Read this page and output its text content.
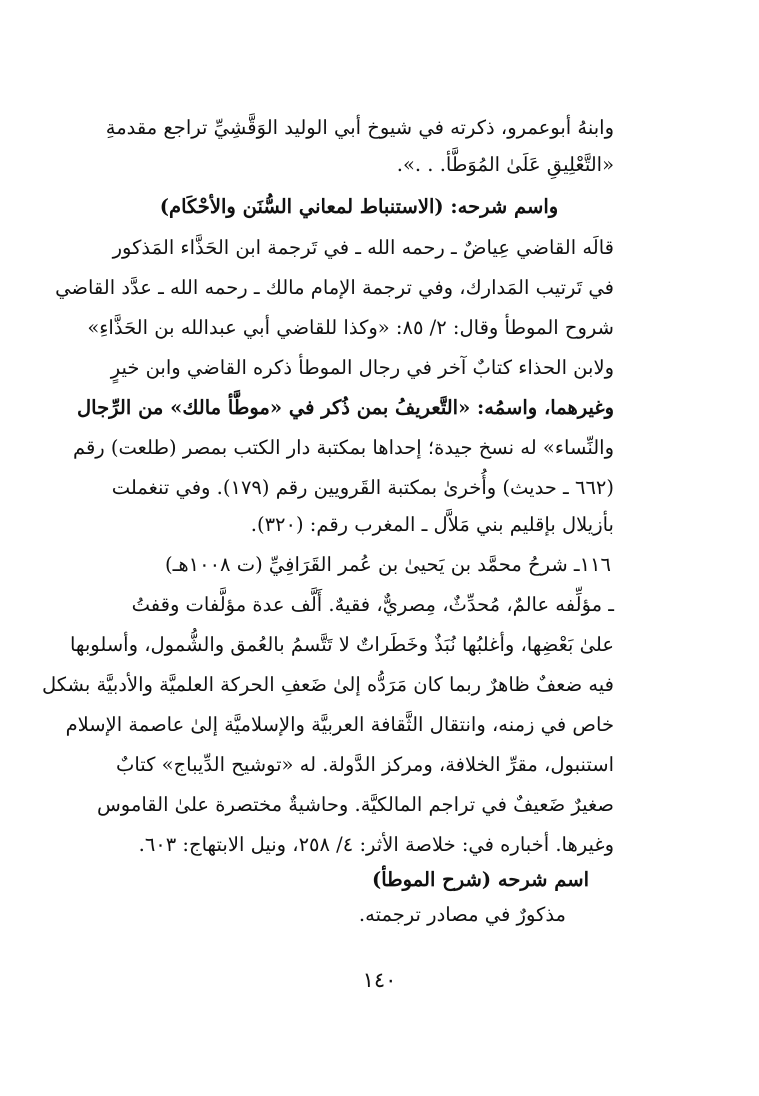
وابنهُ أبوعمرو، ذكرته في شيوخ أبي الوليد الوَقَّشِيِّ تراجع مقدمةِ
«التَّعْلِيقِ عَلَىٰ المُوَطَّأ. . .».
واسم شرحه: (الاستنباط لمعاني السُّنَن والأحْكَام)
قالَه القاضي عِياضٌ ـ رحمه الله ـ في تَرجمة ابن الحَذَّاء المَذكور
في تَرتيب المَدارك، وفي ترجمة الإمام مالك ـ رحمه الله ـ عدَّد القاضي
شروح الموطأ وقال: ٢/ ٨٥: «وكذا للقاضي أبي عبدالله بن الحَذَّاءِ»
ولابن الحذاء كتابٌ آخر في رجال الموطأ ذكره القاضي وابن خيرٍ
وغيرهما، واسمُه: «التَّعريفُ بمن ذُكر في «موطَّأ مالك» من الرِّجال
والنِّساء» له نسخ جيدة؛ إحداها بمكتبة دار الكتب بمصر (طلعت) رقم
(٦٦٢ ـ حديث) وأُخرىٰ بمكتبة القَرويين رقم (١٧٩). وفي تنغملت
بأزيلال بإقليم بني مَلاَّل ـ المغرب رقم: (٣٢٠).
١١٦ـ شرحُ محمَّد بن يَحيىٰ بن عُمر القَرَافِيِّ (ت ١٠٠٨هـ)
ـ مؤلِّفه عالمٌ، مُحدِّثٌ، مِصريٌّ، فقيهٌ. أَلَّف عدة مؤلَّفات وقفتُ
علىٰ بَعْضِها، وأغلبُها نُبَذٌ وخَطَراتٌ لا تَتَّسمُ بالعُمق والشُّمول، وأسلوبها
فيه ضعفٌ ظاهرٌ ربما كان مَرَدُّه إلىٰ ضَعفِ الحركة العلميَّة والأدبيَّة بشكل
خاص في زمنه، وانتقال الثَّقافة العربيَّة والإسلاميَّة إلىٰ عاصمة الإسلام
استنبول، مقرِّ الخلافة، ومركز الدَّولة. له «توشيح الدِّيباج» كتابٌ
صغيرٌ ضَعيفٌ في تراجم المالكيَّة. وحاشيةٌ مختصرة علىٰ القاموس
وغيرها. أخباره في: خلاصة الأثر: ٤/ ٢٥٨، ونيل الابتهاج: ٦٠٣.
اسم شرحه (شرح الموطأ)
مذكورٌ في مصادر ترجمته.
١٤٠
